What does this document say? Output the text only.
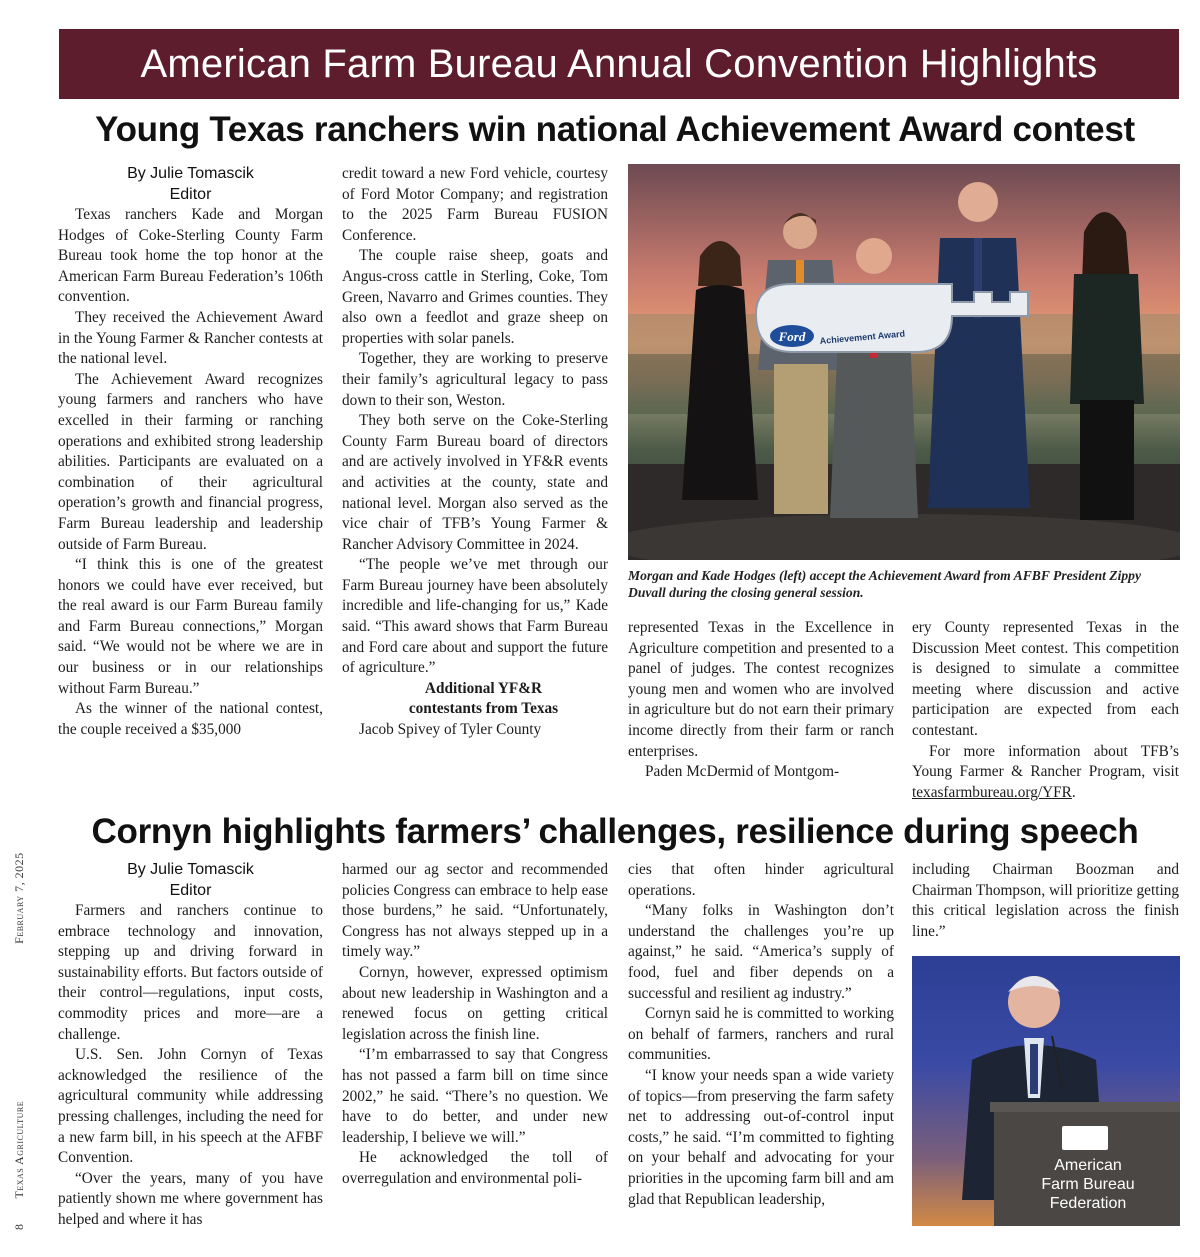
American Farm Bureau Annual Convention Highlights
Young Texas ranchers win national Achievement Award contest
By Julie Tomascik
Editor

Texas ranchers Kade and Morgan Hodges of Coke-Sterling County Farm Bureau took home the top honor at the American Farm Bureau Federation’s 106th convention.

They received the Achievement Award in the Young Farmer & Rancher contests at the national level.

The Achievement Award recognizes young farmers and ranchers who have excelled in their farming or ranching operations and exhibited strong leadership abilities. Participants are evaluated on a combination of their agricultural operation’s growth and financial progress, Farm Bureau leadership and leadership outside of Farm Bureau.

“I think this is one of the greatest honors we could have ever received, but the real award is our Farm Bureau family and Farm Bureau connections,” Morgan said. “We would not be where we are in our business or in our relationships without Farm Bureau.”

As the winner of the national contest, the couple received a $35,000

credit toward a new Ford vehicle, courtesy of Ford Motor Company; and registration to the 2025 Farm Bureau FUSION Conference.

The couple raise sheep, goats and Angus-cross cattle in Sterling, Coke, Tom Green, Navarro and Grimes counties. They also own a feedlot and graze sheep on properties with solar panels.

Together, they are working to preserve their family’s agricultural legacy to pass down to their son, Weston.

They both serve on the Coke-Sterling County Farm Bureau board of directors and are actively involved in YF&R events and activities at the county, state and national level. Morgan also served as the vice chair of TFB’s Young Farmer & Rancher Advisory Committee in 2024.

“The people we’ve met through our Farm Bureau journey have been absolutely incredible and life-changing for us,” Kade said. “This award shows that Farm Bureau and Ford care about and support the future of agriculture.”

Additional YF&R

contestants from Texas

Jacob Spivey of Tyler County

Ford Achievement Award
Morgan and Kade Hodges (left) accept the Achievement Award from AFBF President Zippy Duvall during the closing general session.

represented Texas in the Excellence in Agriculture competition and presented to a panel of judges. The contest recognizes young men and women who are involved in agriculture but do not earn their primary income directly from their farm or ranch enterprises.

Paden McDermid of Montgom-

ery County represented Texas in the Discussion Meet contest. This competition is designed to simulate a committee meeting where discussion and active participation are expected from each contestant.

For more information about TFB’s Young Farmer & Rancher Program, visit texasfarmbureau.org/YFR.

Cornyn highlights farmers’ challenges, resilience during speech
By Julie Tomascik
Editor

Farmers and ranchers continue to embrace technology and innovation, stepping up and driving forward in sustainability efforts. But factors outside of their control—regulations, input costs, commodity prices and more—are a challenge.

U.S. Sen. John Cornyn of Texas acknowledged the resilience of the agricultural community while addressing pressing challenges, including the need for a new farm bill, in his speech at the AFBF Convention.

“Over the years, many of you have patiently shown me where government has helped and where it has

harmed our ag sector and recommended policies Congress can embrace to help ease those burdens,” he said. “Unfortunately, Congress has not always stepped up in a timely way.”

Cornyn, however, expressed optimism about new leadership in Washington and a renewed focus on getting critical legislation across the finish line.

“I’m embarrassed to say that Congress has not passed a farm bill on time since 2002,” he said. “There’s no question. We have to do better, and under new leadership, I believe we will.”

He acknowledged the toll of overregulation and environmental poli-

cies that often hinder agricultural operations.

“Many folks in Washington don’t understand the challenges you’re up against,” he said. “America’s supply of food, fuel and fiber depends on a successful and resilient ag industry.”

Cornyn said he is committed to working on behalf of farmers, ranchers and rural communities.

“I know your needs span a wide variety of topics—from preserving the farm safety net to addressing out-of-control input costs,” he said. “I’m committed to fighting on your behalf and advocating for your priorities in the upcoming farm bill and am glad that Republican leadership,

including Chairman Boozman and Chairman Thompson, will prioritize getting this critical legislation across the finish line.”

American
Farm Bureau
Federation
8  Texas Agriculture  February 7, 2025
